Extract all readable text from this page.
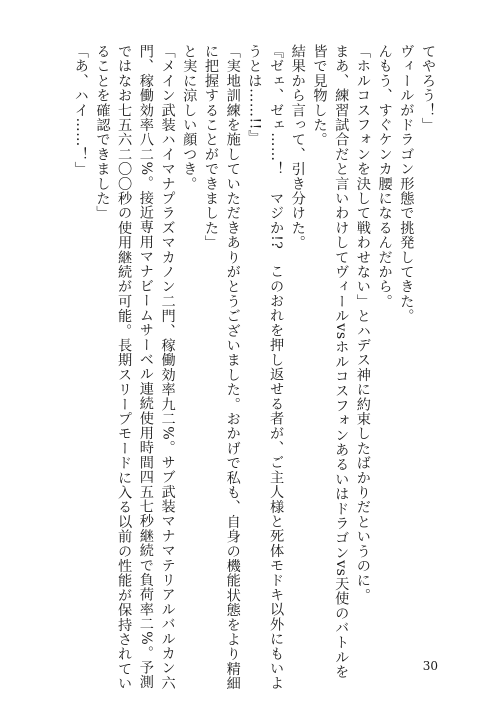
てやろう！」
ヴィールがドラゴン形態で挑発してきた。
んもう、すぐケンカ腰になるんだから。
「ホルコスフォンを決して戦わせない」とハデス神に約束したばかりだというのに。
まあ、練習試合だと言いわけしてヴィールvsホルコスフォンあるいはドラゴンvs天使のバトルを
皆で見物した。
結果から言って、引き分けた。
『ゼェ、ゼェ……！　マジか!?　このおれを押し返せる者が、ご主人様と死体モドキ以外にもいよ
うとは……!!』
「実地訓練を施していただきありがとうございました。おかげで私も、自身の機能状態をより精細
に把握することができました」
と実に涼しい顔つき。
「メイン武装ハイマナプラズマカノン二門、稼働効率九二%。サブ武装マナマテリアルバルカン六
門、稼働効率八二%。接近専用マナビームサーベル連続使用時間四五七秒継続で負荷率二%。予測
ではなお七五六二〇〇秒の使用継続が可能。長期スリープモードに入る以前の性能が保持されてい
ることを確認できました」
「あ、ハイ……！」
30
